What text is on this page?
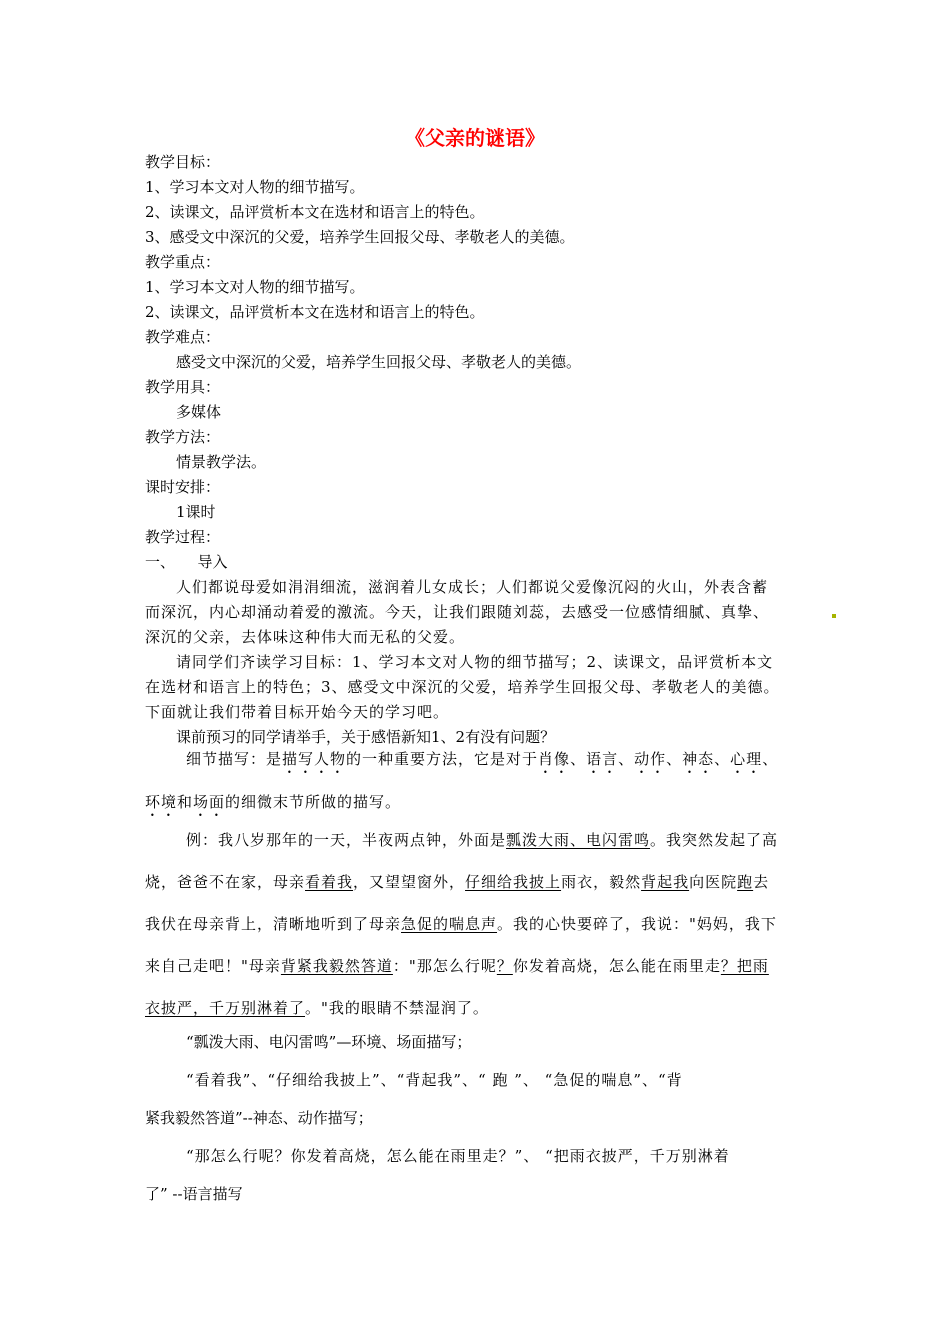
《父亲的谜语》
教学目标：
1、学习本文对人物的细节描写。
2、读课文，品评赏析本文在选材和语言上的特色。
3、感受文中深沉的父爱，培养学生回报父母、孝敬老人的美德。
教学重点：
1、学习本文对人物的细节描写。
2、读课文，品评赏析本文在选材和语言上的特色。
教学难点：
感受文中深沉的父爱，培养学生回报父母、孝敬老人的美德。
教学用具：
多媒体
教学方法：
情景教学法。
课时安排：
1课时
教学过程：
一、　　导入
人们都说母爱如涓涓细流，滋润着儿女成长；人们都说父爱像沉闷的火山，外表含蓄
而深沉，内心却涌动着爱的激流。今天，让我们跟随刘蕊，去感受一位感情细腻、真挚、
深沉的父亲，去体味这种伟大而无私的父爱。
请同学们齐读学习目标：1、学习本文对人物的细节描写；2、读课文，品评赏析本文
在选材和语言上的特色；3、感受文中深沉的父爱，培养学生回报父母、孝敬老人的美德。
下面就让我们带着目标开始今天的学习吧。
课前预习的同学请举手，关于感悟新知1、2有没有问题？
细节描写：是描写人物的一种重要方法，它是对于肖像、语言、动作、神态、心理、
环境和场面的细微末节所做的描写。
例：我八岁那年的一天，半夜两点钟，外面是瓢泼大雨、电闪雷鸣。我突然发起了高
烧，爸爸不在家，母亲看着我，又望望窗外，仔细给我披上雨衣，毅然背起我向医院跑去
我伏在母亲背上，清晰地听到了母亲急促的喘息声。我的心快要碎了，我说："妈妈，我下
来自己走吧！"母亲背紧我毅然答道："那怎么行呢？你发着高烧，怎么能在雨里走？把雨
衣披严，千万别淋着了。"我的眼睛不禁湿润了。
“瓢泼大雨、电闪雷鸣”—环境、场面描写；
“看着我”、“仔细给我披上”、“背起我”、“ 跑 ”、 “急促的喘息”、“背
紧我毅然答道”--神态、动作描写；
“那怎么行呢？你发着高烧，怎么能在雨里走？”、 “把雨衣披严，千万别淋着
了” --语言描写
